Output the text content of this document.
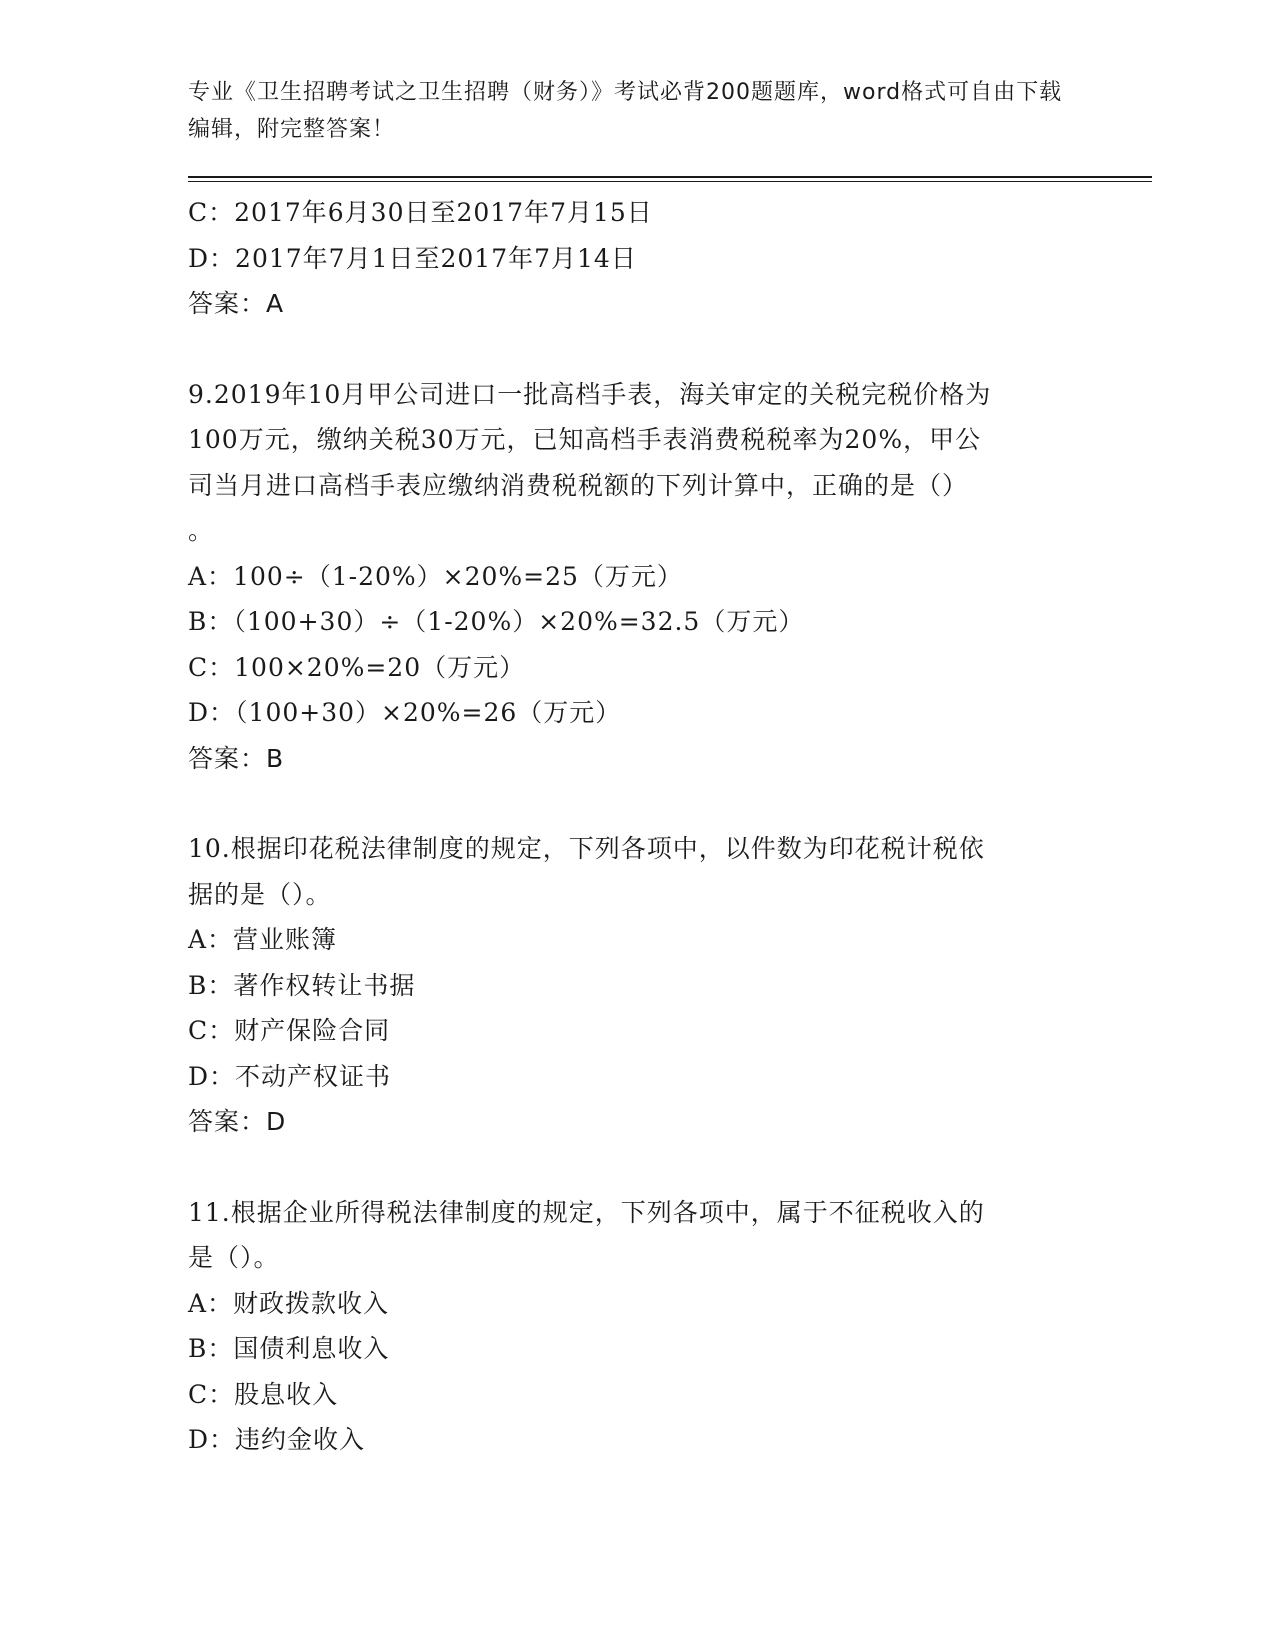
专业《卫生招聘考试之卫生招聘（财务）》考试必背200题题库，word格式可自由下载编辑，附完整答案！
C：2017年6月30日至2017年7月15日
D：2017年7月1日至2017年7月14日
答案：A
9.2019年10月甲公司进口一批高档手表，海关审定的关税完税价格为
100万元，缴纳关税30万元，已知高档手表消费税税率为20%，甲公
司当月进口高档手表应缴纳消费税税额的下列计算中，正确的是（）
。
A：100÷（1-20%）×20%=25（万元）
B：（100+30）÷（1-20%）×20%=32.5（万元）
C：100×20%=20（万元）
D：（100+30）×20%=26（万元）
答案：B
10.根据印花税法律制度的规定，下列各项中，以件数为印花税计税依
据的是（）。
A：营业账簿
B：著作权转让书据
C：财产保险合同
D：不动产权证书
答案：D
11.根据企业所得税法律制度的规定，下列各项中，属于不征税收入的
是（）。
A：财政拨款收入
B：国债利息收入
C：股息收入
D：违约金收入
